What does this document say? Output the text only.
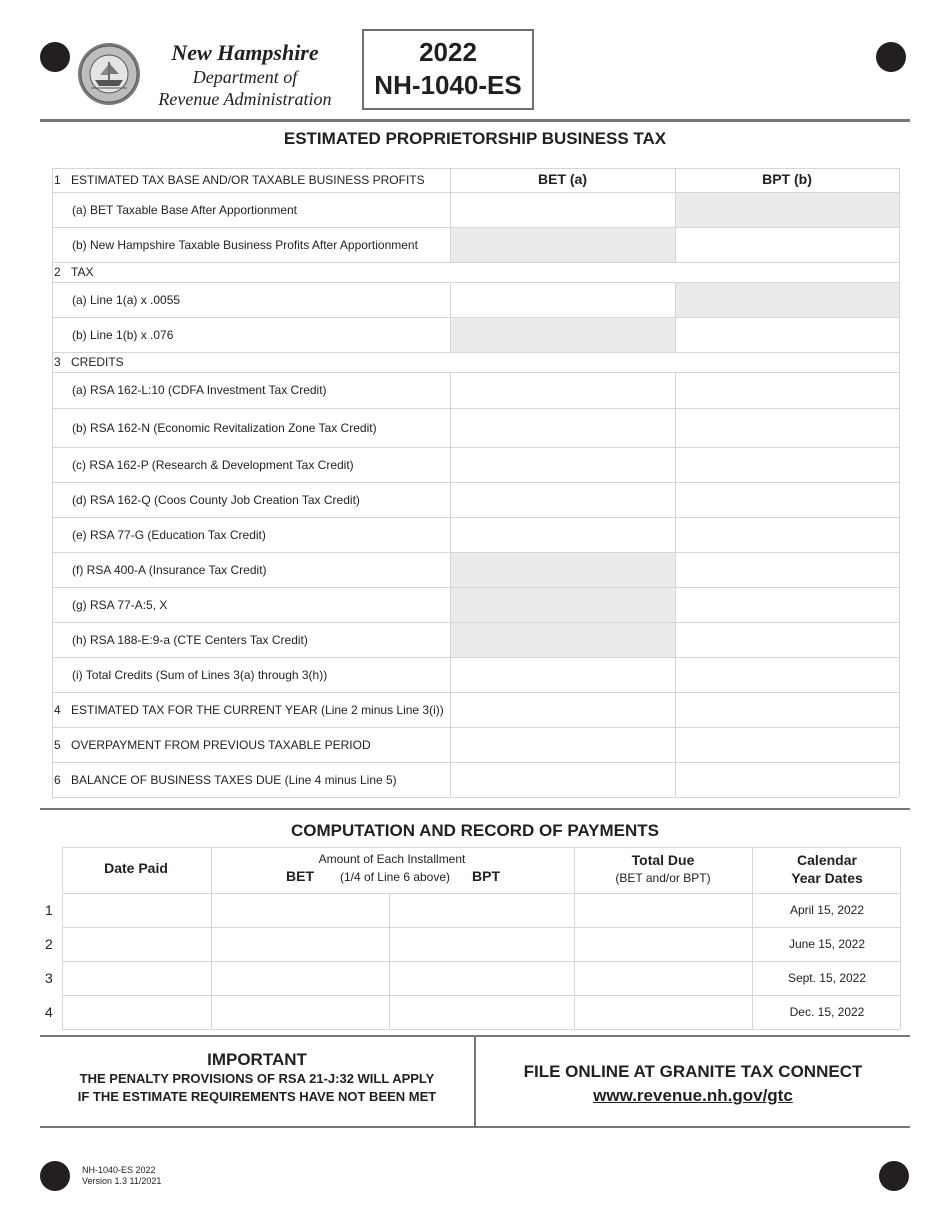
New Hampshire
Department of
Revenue Administration
2022
NH-1040-ES
ESTIMATED PROPRIETORSHIP BUSINESS TAX
BET (a)	BPT (b)
1 ESTIMATED TAX BASE AND/OR TAXABLE BUSINESS PROFITS
(a) BET Taxable Base After Apportionment
(b) New Hampshire Taxable Business Profits After Apportionment
2 TAX
(a) Line 1(a) x .0055
(b) Line 1(b) x .076
3 CREDITS
(a) RSA 162-L:10 (CDFA Investment Tax Credit)
(b) RSA 162-N (Economic Revitalization Zone Tax Credit)
(c) RSA 162-P (Research & Development Tax Credit)
(d) RSA 162-Q (Coos County Job Creation Tax Credit)
(e) RSA 77-G (Education Tax Credit)
(f) RSA 400-A (Insurance Tax Credit)
(g) RSA 77-A:5, X
(h) RSA 188-E:9-a (CTE Centers Tax Credit)
(i) Total Credits (Sum of Lines 3(a) through 3(h))
4 ESTIMATED TAX FOR THE CURRENT YEAR (Line 2 minus Line 3(i))
5 OVERPAYMENT FROM PREVIOUS TAXABLE PERIOD
6 BALANCE OF BUSINESS TAXES DUE (Line 4 minus Line 5)
COMPUTATION AND RECORD OF PAYMENTS
Date Paid
Amount of Each Installment
BET	(1/4 of Line 6 above)	BPT
Total Due
(BET and/or BPT)
Calendar
Year Dates
1	April 15, 2022
2	June 15, 2022
3	Sept. 15, 2022
4	Dec. 15, 2022
IMPORTANT
THE PENALTY PROVISIONS OF RSA 21-J:32 WILL APPLY
IF THE ESTIMATE REQUIREMENTS HAVE NOT BEEN MET
FILE ONLINE AT GRANITE TAX CONNECT
www.revenue.nh.gov/gtc
NH-1040-ES 2022
Version 1.3 11/2021
